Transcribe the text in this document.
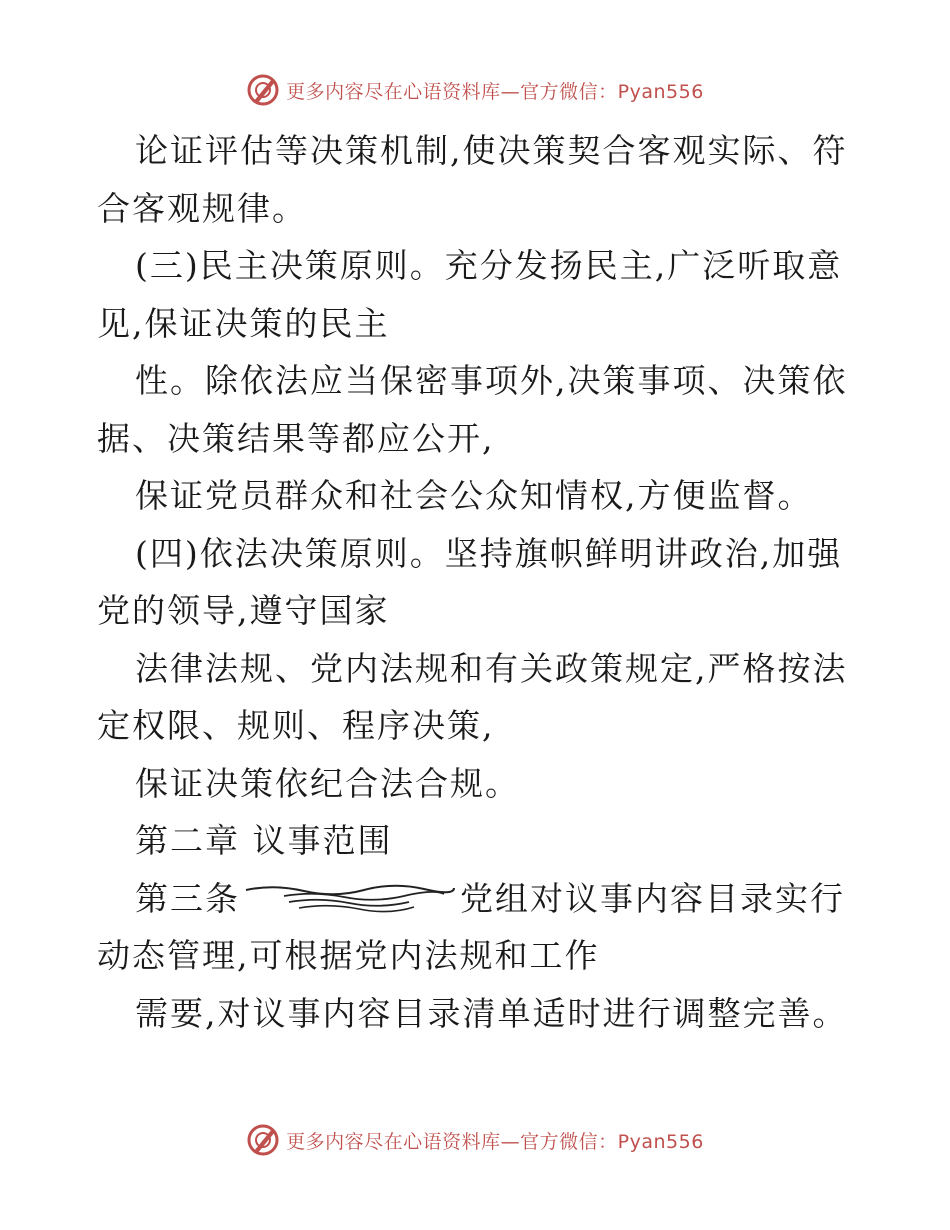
更多内容尽在心语资料库—官方微信：Pyan556
论证评估等决策机制,使决策契合客观实际、符
合客观规律。
(三)民主决策原则。充分发扬民主,广泛听取意
见,保证决策的民主
性。除依法应当保密事项外,决策事项、决策依
据、决策结果等都应公开,
保证党员群众和社会公众知情权,方便监督。
(四)依法决策原则。坚持旗帜鲜明讲政治,加强
党的领导,遵守国家
法律法规、党内法规和有关政策规定,严格按法
定权限、规则、程序决策,
保证决策依纪合法合规。
第二章 议事范围
第三条	党组对议事内容目录实行
动态管理,可根据党内法规和工作
需要,对议事内容目录清单适时进行调整完善。
更多内容尽在心语资料库—官方微信：Pyan556
